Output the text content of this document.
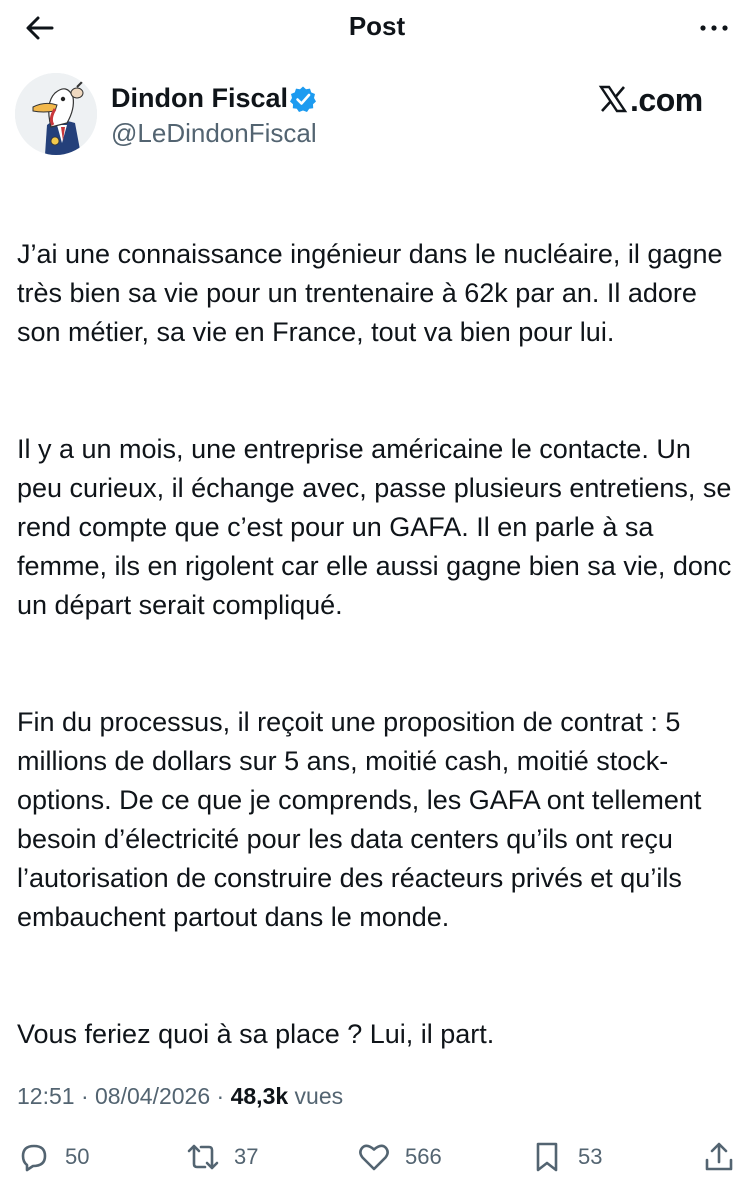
Post
Dindon Fiscal
@LeDindonFiscal
.com

J’ai une connaissance ingénieur dans le nucléaire, il gagne très bien sa vie pour un trentenaire à 62k par an. Il adore son métier, sa vie en France, tout va bien pour lui.

Il y a un mois, une entreprise américaine le contacte. Un peu curieux, il échange avec, passe plusieurs entretiens, se rend compte que c’est pour un GAFA. Il en parle à sa femme, ils en rigolent car elle aussi gagne bien sa vie, donc un départ serait compliqué.

Fin du processus, il reçoit une proposition de contrat : 5 millions de dollars sur 5 ans, moitié cash, moitié stock-options. De ce que je comprends, les GAFA ont tellement besoin d’électricité pour les data centers qu’ils ont reçu l’autorisation de construire des réacteurs privés et qu’ils embauchent partout dans le monde.

Vous feriez quoi à sa place ? Lui, il part.

12:51 · 08/04/2026 · 48,3k vues
50	37	566	53
